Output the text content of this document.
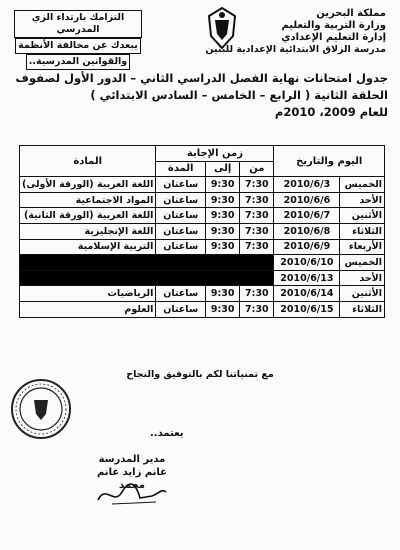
مملكة البحرين
وزارة التربية والتعليم
إدارة التعليم الإعدادي
مدرسة الزلاق الابتدائية الإعدادية للبنين
التزامك بارتداء الزي المدرسي
يبعدك عن مخالفة الأنظمة
والقوانين المدرسية..
جدول امتحانات نهاية الفصل الدراسي الثاني – الدور الأول لصفوف
الحلقة الثانية ( الرابع – الخامس – السادس الابتدائي )
للعام 2009، 2010م
اليوم والتاريخ		زمن الإجابة			المادة
		من	إلى	المدة	
الخميس	2010/6/3	7:30	9:30	ساعتان	اللغة العربية (الورقة الأولى)
الأحد	2010/6/6	7:30	9:30	ساعتان	المواد الاجتماعية
الأثنين	2010/6/7	7:30	9:30	ساعتان	اللغة العربية (الورقة الثانية)
الثلاثاء	2010/6/8	7:30	9:30	ساعتان	اللغة الإنجليزية
الأربعاء	2010/6/9	7:30	9:30	ساعتان	التربية الإسلامية
الخميس	2010/6/10				
الأحد	2010/6/13				
الأثنين	2010/6/14	7:30	9:30	ساعتان	الرياضيات
الثلاثاء	2010/6/15	7:30	9:30	ساعتان	العلوم
مع تمنياتنا لكم بالتوفيق والنجاح
يعتمد..
مدير المدرسة
غانم زايد غانم محمد
